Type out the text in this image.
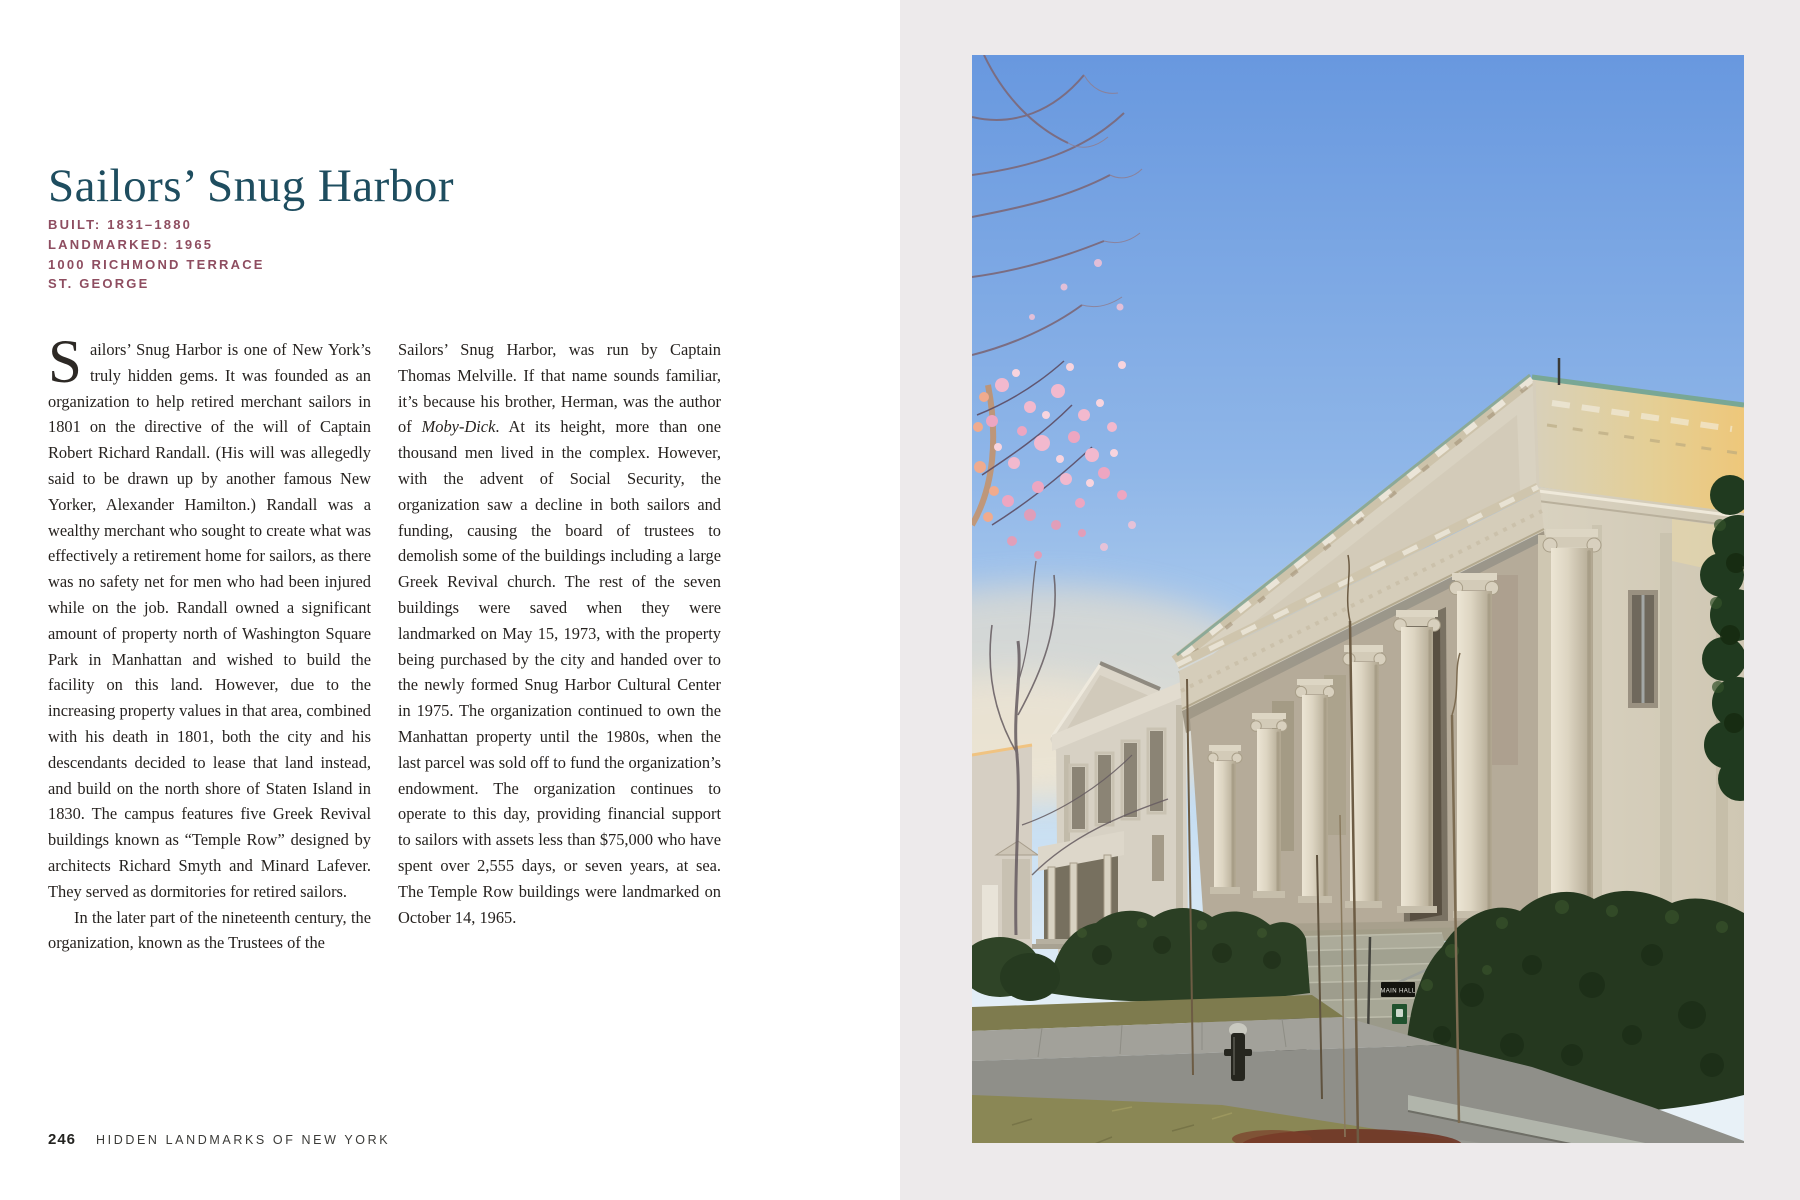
Sailors’ Snug Harbor
BUILT: 1831–1880
LANDMARKED: 1965
1000 RICHMOND TERRACE
ST. GEORGE

Sailors’ Snug Harbor is one of New York’s truly hidden gems. It was founded as an organization to help retired merchant sailors in 1801 on the directive of the will of Captain Robert Richard Randall. (His will was allegedly said to be drawn up by another famous New Yorker, Alexander Hamilton.) Randall was a wealthy merchant who sought to create what was effectively a retirement home for sailors, as there was no safety net for men who had been injured while on the job. Randall owned a significant amount of property north of Washington Square Park in Manhattan and wished to build the facility on this land. However, due to the increasing property values in that area, combined with his death in 1801, both the city and his descendants decided to lease that land instead, and build on the north shore of Staten Island in 1830. The campus features five Greek Revival buildings known as “Temple Row” designed by architects Richard Smyth and Minard Lafever. They served as dormitories for retired sailors.

In the later part of the nineteenth century, the organization, known as the Trustees of the

Sailors’ Snug Harbor, was run by Captain Thomas Melville. If that name sounds familiar, it’s because his brother, Herman, was the author of Moby-Dick. At its height, more than one thousand men lived in the complex. However, with the advent of Social Security, the organization saw a decline in both sailors and funding, causing the board of trustees to demolish some of the buildings including a large Greek Revival church. The rest of the seven buildings were saved when they were landmarked on May 15, 1973, with the property being purchased by the city and handed over to the newly formed Snug Harbor Cultural Center in 1975. The organization continued to own the Manhattan property until the 1980s, when the last parcel was sold off to fund the organization’s endowment. The organization continues to operate to this day, providing financial support to sailors with assets less than $75,000 who have spent over 2,555 days, or seven years, at sea. The Temple Row buildings were landmarked on October 14, 1965.

246 HIDDEN LANDMARKS OF NEW YORK
MAIN HALL
